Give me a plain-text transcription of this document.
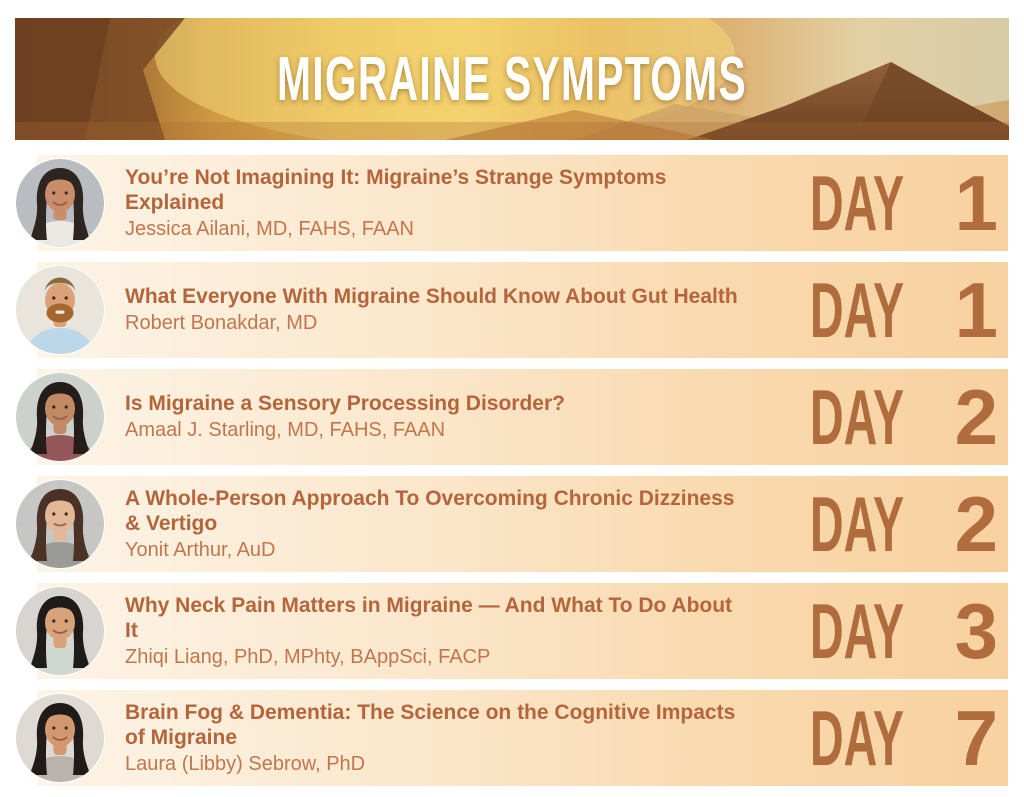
MIGRAINE SYMPTOMS
You’re Not Imagining It: Migraine’s Strange Symptoms Explained
Jessica Ailani, MD, FAHS, FAAN	DAY 1
What Everyone With Migraine Should Know About Gut Health
Robert Bonakdar, MD	DAY 1
Is Migraine a Sensory Processing Disorder?
Amaal J. Starling, MD, FAHS, FAAN	DAY 2
A Whole-Person Approach To Overcoming Chronic Dizziness & Vertigo
Yonit Arthur, AuD	DAY 2
Why Neck Pain Matters in Migraine — And What To Do About It
Zhiqi Liang, PhD, MPhty, BAppSci, FACP	DAY 3
Brain Fog & Dementia: The Science on the Cognitive Impacts of Migraine
Laura (Libby) Sebrow, PhD	DAY 7
